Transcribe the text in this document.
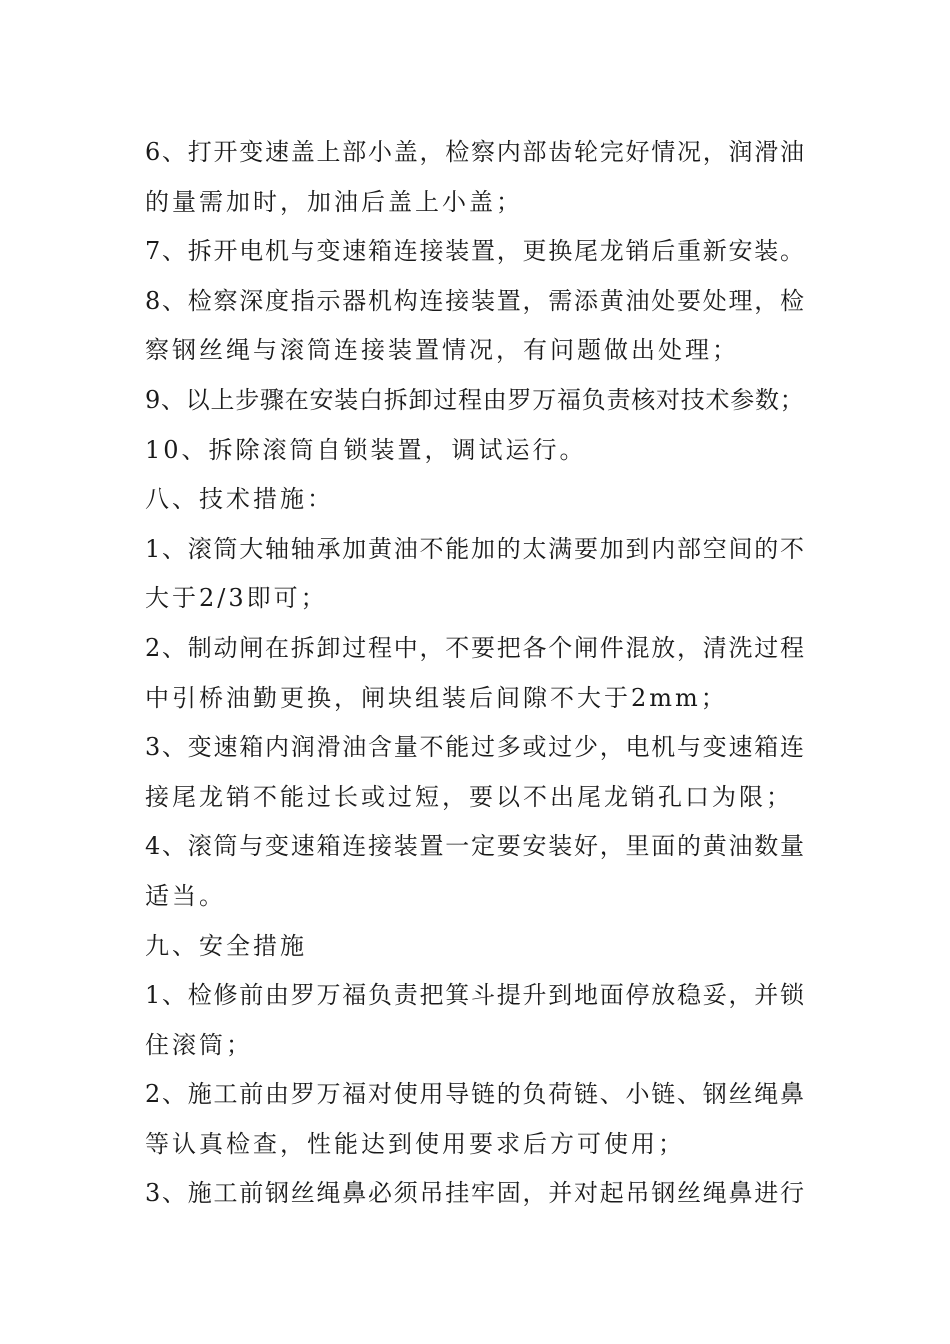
6、打开变速盖上部小盖，检察内部齿轮完好情况，润滑油
的量需加时，加油后盖上小盖；
7、拆开电机与变速箱连接装置，更换尾龙销后重新安装。
8、检察深度指示器机构连接装置，需添黄油处要处理，检
察钢丝绳与滚筒连接装置情况，有问题做出处理；
9、以上步骤在安装白拆卸过程由罗万福负责核对技术参数；
10、拆除滚筒自锁装置，调试运行。
八、技术措施：
1、滚筒大轴轴承加黄油不能加的太满要加到内部空间的不
大于2/3即可；
2、制动闸在拆卸过程中，不要把各个闸件混放，清洗过程
中引桥油勤更换，闸块组装后间隙不大于2mm；
3、变速箱内润滑油含量不能过多或过少，电机与变速箱连
接尾龙销不能过长或过短，要以不出尾龙销孔口为限；
4、滚筒与变速箱连接装置一定要安装好，里面的黄油数量
适当。
九、安全措施
1、检修前由罗万福负责把箕斗提升到地面停放稳妥，并锁
住滚筒；
2、施工前由罗万福对使用导链的负荷链、小链、钢丝绳鼻
等认真检查，性能达到使用要求后方可使用；
3、施工前钢丝绳鼻必须吊挂牢固，并对起吊钢丝绳鼻进行
